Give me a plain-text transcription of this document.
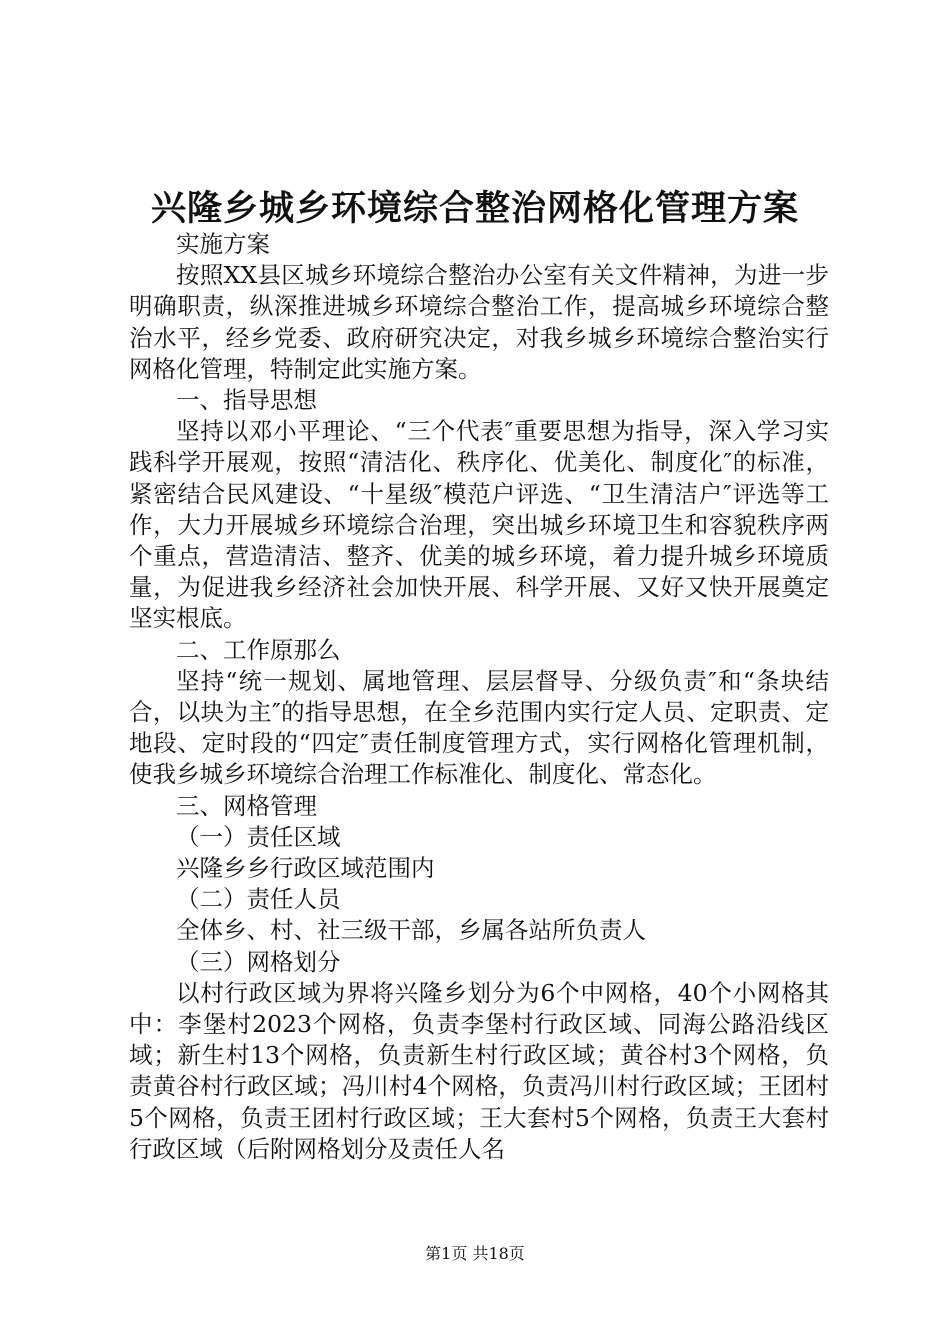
兴隆乡城乡环境综合整治网格化管理方案

实施方案

按照XX县区城乡环境综合整治办公室有关文件精神，为进一步明确职责，纵深推进城乡环境综合整治工作，提高城乡环境综合整治水平，经乡党委、政府研究决定，对我乡城乡环境综合整治实行网格化管理，特制定此实施方案。

一、指导思想

坚持以邓小平理论、“三个代表″重要思想为指导，深入学习实践科学开展观，按照“清洁化、秩序化、优美化、制度化″的标准，紧密结合民风建设、“十星级″模范户评选、“卫生清洁户″评选等工作，大力开展城乡环境综合治理，突出城乡环境卫生和容貌秩序两个重点，营造清洁、整齐、优美的城乡环境，着力提升城乡环境质量，为促进我乡经济社会加快开展、科学开展、又好又快开展奠定坚实根底。

二、工作原那么

坚持“统一规划、属地管理、层层督导、分级负责″和“条块结合，以块为主″的指导思想，在全乡范围内实行定人员、定职责、定地段、定时段的“四定″责任制度管理方式，实行网格化管理机制，使我乡城乡环境综合治理工作标准化、制度化、常态化。

三、网格管理

（一）责任区域

兴隆乡乡行政区域范围内

（二）责任人员

全体乡、村、社三级干部，乡属各站所负责人

（三）网格划分

以村行政区域为界将兴隆乡划分为6个中网格，40个小网格其中：李堡村2023个网格，负责李堡村行政区域、同海公路沿线区域；新生村13个网格，负责新生村行政区域；黄谷村3个网格，负责黄谷村行政区域；冯川村4个网格，负责冯川村行政区域；王团村5个网格，负责王团村行政区域；王大套村5个网格，负责王大套村行政区域（后附网格划分及责任人名

第1页 共18页
